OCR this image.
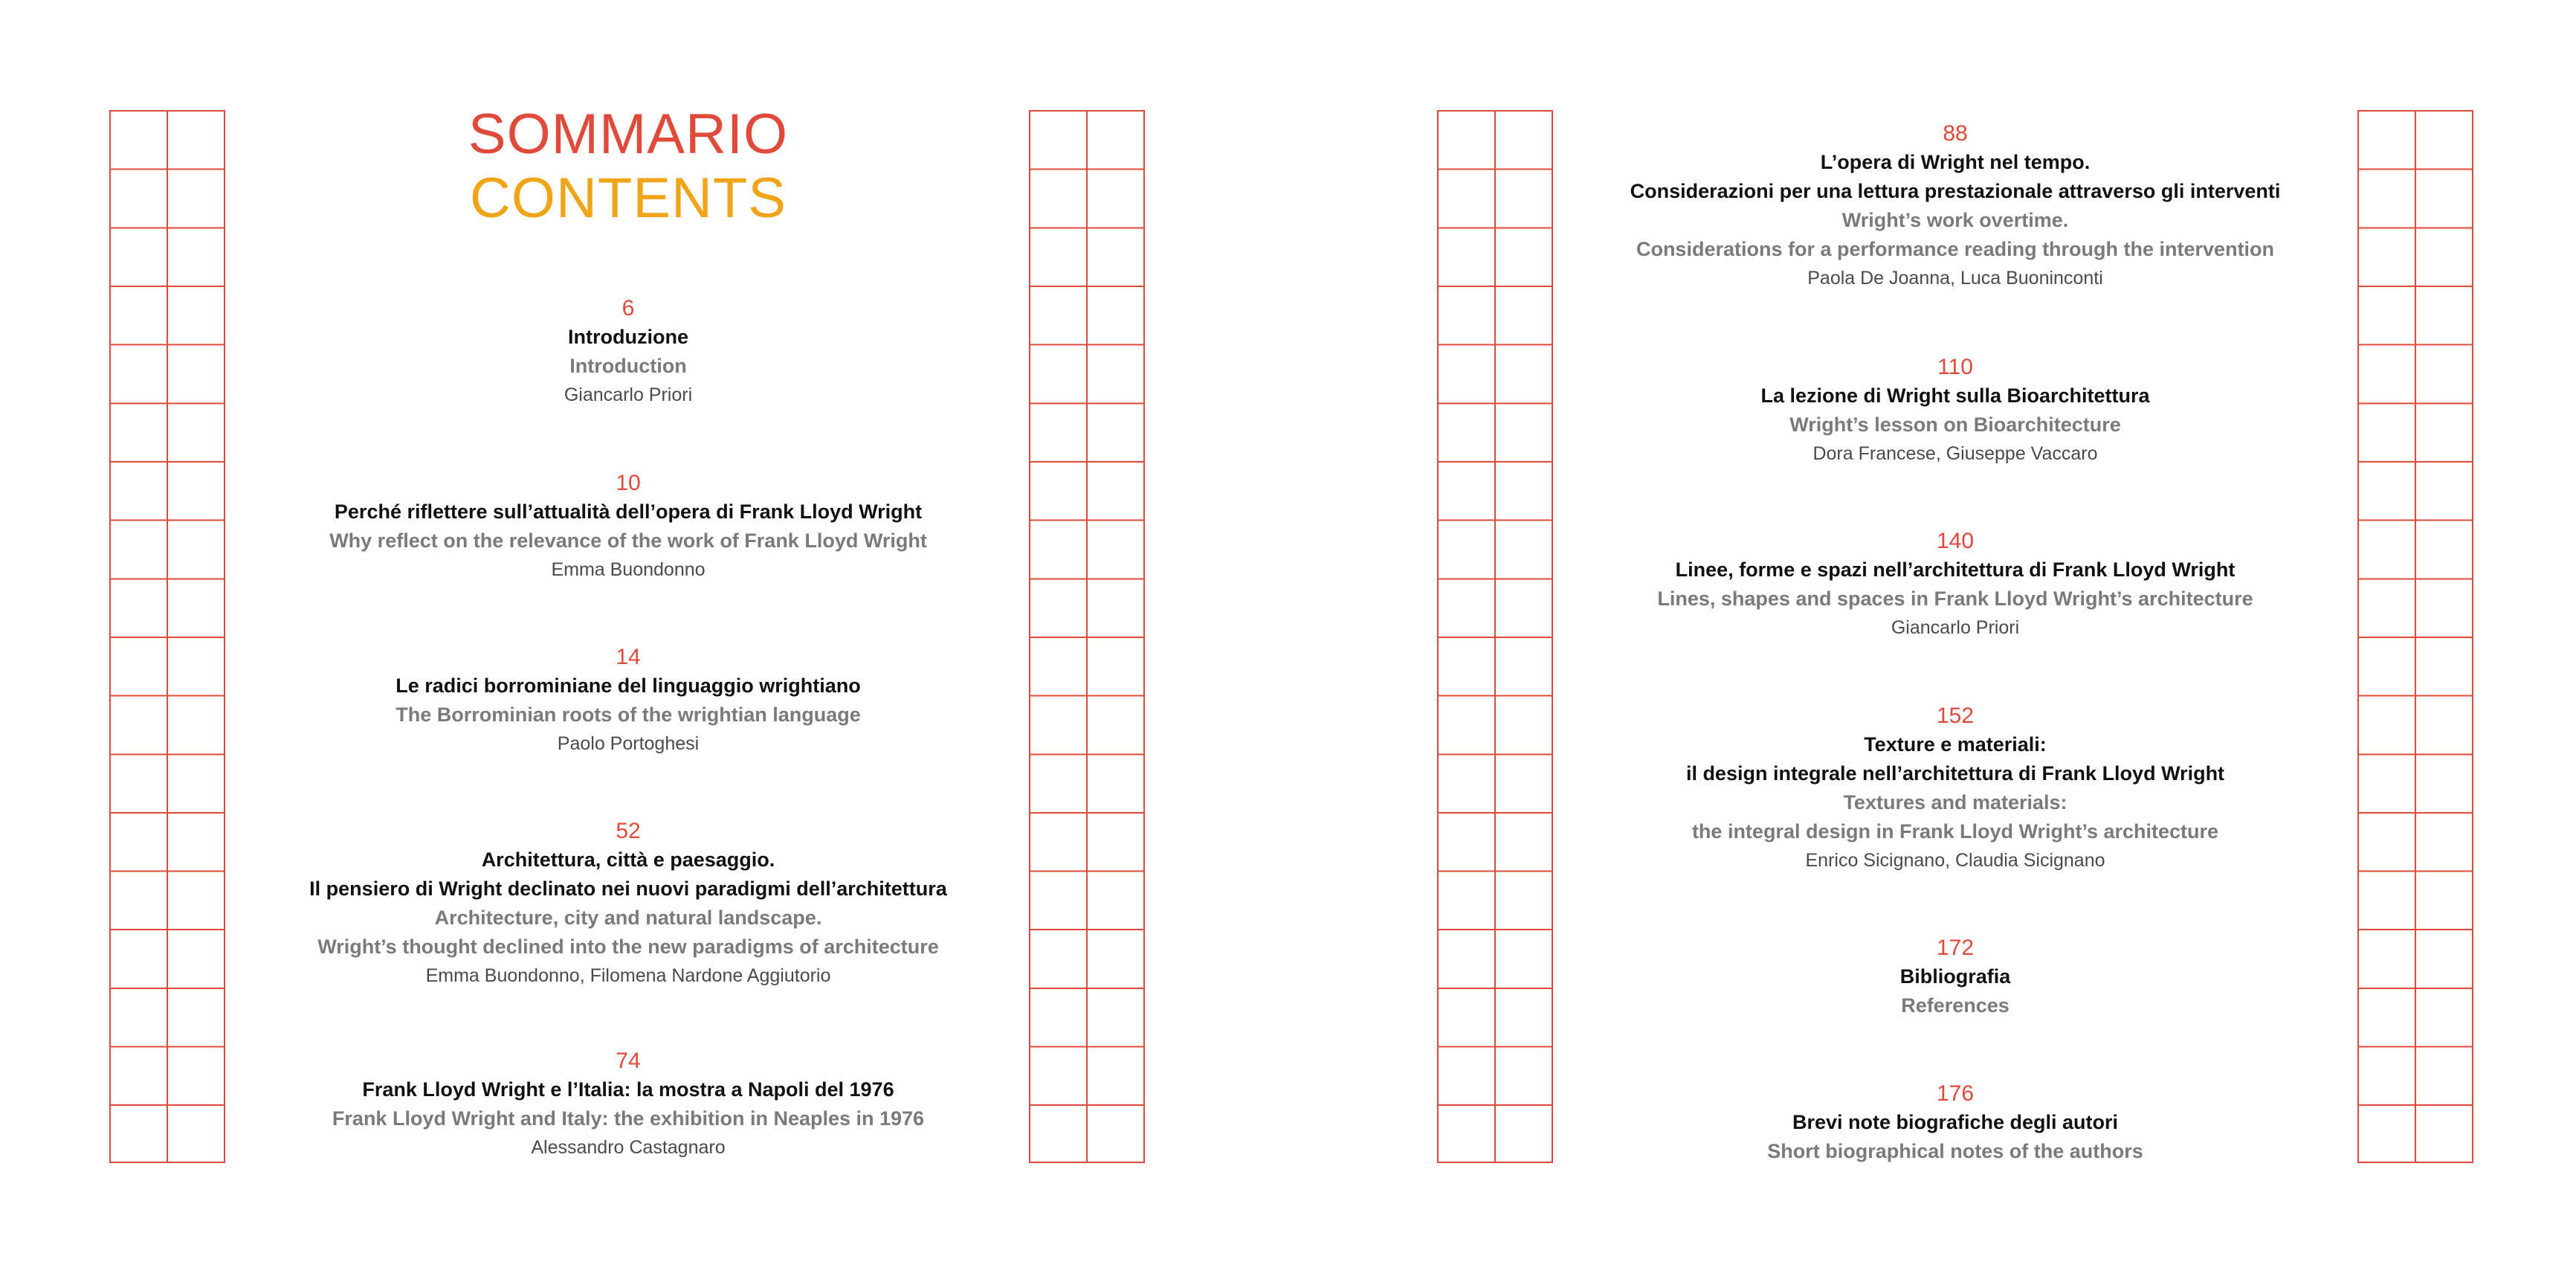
SOMMARIO
CONTENTS
6
Introduzione
Introduction
Giancarlo Priori
10
Perché riflettere sull’attualità dell’opera di Frank Lloyd Wright
Why reflect on the relevance of the work of Frank Lloyd Wright
Emma Buondonno
14
Le radici borrominiane del linguaggio wrightiano
The Borrominian roots of the wrightian language
Paolo Portoghesi
52
Architettura, città e paesaggio.
Il pensiero di Wright declinato nei nuovi paradigmi dell’architettura
Architecture, city and natural landscape.
Wright’s thought declined into the new paradigms of architecture
Emma Buondonno, Filomena Nardone Aggiutorio
74
Frank Lloyd Wright e l’Italia: la mostra a Napoli del 1976
Frank Lloyd Wright and Italy: the exhibition in Neaples in 1976
Alessandro Castagnaro
88
L’opera di Wright nel tempo.
Considerazioni per una lettura prestazionale attraverso gli interventi
Wright’s work overtime.
Considerations for a performance reading through the intervention
Paola De Joanna, Luca Buoninconti
110
La lezione di Wright sulla Bioarchitettura
Wright’s lesson on Bioarchitecture
Dora Francese, Giuseppe Vaccaro
140
Linee, forme e spazi nell’architettura di Frank Lloyd Wright
Lines, shapes and spaces in Frank Lloyd Wright’s architecture
Giancarlo Priori
152
Texture e materiali:
il design integrale nell’architettura di Frank Lloyd Wright
Textures and materials:
the integral design in Frank Lloyd Wright’s architecture
Enrico Sicignano, Claudia Sicignano
172
Bibliografia
References
176
Brevi note biografiche degli autori
Short biographical notes of the authors
